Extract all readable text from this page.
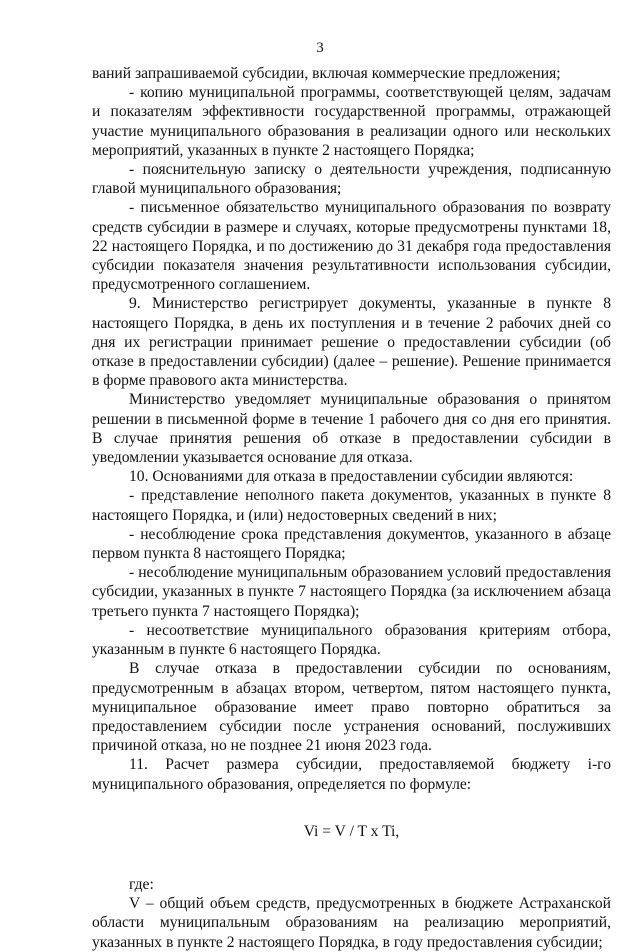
3

ваний запрашиваемой субсидии, включая коммерческие предложения;

- копию муниципальной программы, соответствующей целям, задачам и показателям эффективности государственной программы, отражающей участие муниципального образования в реализации одного или нескольких мероприятий, указанных в пункте 2 настоящего Порядка;

- пояснительную записку о деятельности учреждения, подписанную главой муниципального образования;

- письменное обязательство муниципального образования по возврату средств субсидии в размере и случаях, которые предусмотрены пунктами 18, 22 настоящего Порядка, и по достижению до 31 декабря года предоставления субсидии показателя значения результативности использования субсидии, предусмотренного соглашением.

9. Министерство регистрирует документы, указанные в пункте 8 настоящего Порядка, в день их поступления и в течение 2 рабочих дней со дня их регистрации принимает решение о предоставлении субсидии (об отказе в предоставлении субсидии) (далее – решение). Решение принимается в форме правового акта министерства.

Министерство уведомляет муниципальные образования о принятом решении в письменной форме в течение 1 рабочего дня со дня его принятия. В случае принятия решения об отказе в предоставлении субсидии в уведомлении указывается основание для отказа.

10. Основаниями для отказа в предоставлении субсидии являются:

- представление неполного пакета документов, указанных в пункте 8 настоящего Порядка, и (или) недостоверных сведений в них;

- несоблюдение срока представления документов, указанного в абзаце первом пункта 8 настоящего Порядка;

- несоблюдение муниципальным образованием условий предоставления субсидии, указанных в пункте 7 настоящего Порядка (за исключением абзаца третьего пункта 7 настоящего Порядка);

- несоответствие муниципального образования критериям отбора, указанным в пункте 6 настоящего Порядка.

В случае отказа в предоставлении субсидии по основаниям, предусмотренным в абзацах втором, четвертом, пятом настоящего пункта, муниципальное образование имеет право повторно обратиться за предоставлением субсидии после устранения оснований, послуживших причиной отказа, но не позднее 21 июня 2023 года.

11. Расчет размера субсидии, предоставляемой бюджету i-го муниципального образования, определяется по формуле:

Vi = V / T x Ti,

где:

V – общий объем средств, предусмотренных в бюджете Астраханской области муниципальным образованиям на реализацию мероприятий, указанных в пункте 2 настоящего Порядка, в году предоставления субсидии;
